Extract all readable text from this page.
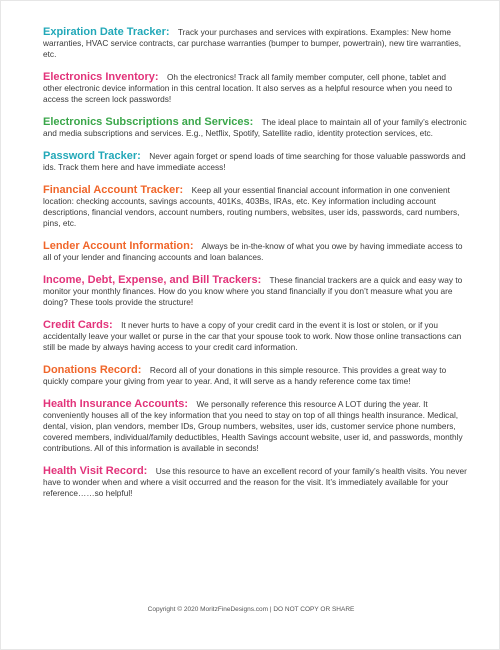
Expiration Date Tracker:   Track your purchases and services with expirations. Examples: New home warranties, HVAC service contracts, car purchase warranties (bumper to bumper, powertrain), new tire warranties, etc.

Electronics Inventory:   Oh the electronics! Track all family member computer, cell phone, tablet and other electronic device information in this central location. It also serves as a helpful resource when you need to access the screen lock passwords!

Electronics Subscriptions and Services:   The ideal place to maintain all of your family’s electronic and media subscriptions and services. E.g., Netflix, Spotify, Satellite radio, identity protection services, etc.

Password Tracker:   Never again forget or spend loads of time searching for those valuable passwords and ids. Track them here and have immediate access!

Financial Account Tracker:   Keep all your essential financial account information in one convenient location: checking accounts, savings accounts, 401Ks, 403Bs, IRAs, etc. Key information including account descriptions, financial vendors, account numbers, routing numbers, websites, user ids, passwords, card numbers, pins, etc.

Lender Account Information:   Always be in-the-know of what you owe by having immediate access to all of your lender and financing accounts and loan balances.

Income, Debt, Expense, and Bill Trackers:   These financial trackers are a quick and easy way to monitor your monthly finances. How do you know where you stand financially if you don’t measure what you are doing? These tools provide the structure!

Credit Cards:   It never hurts to have a copy of your credit card in the event it is lost or stolen, or if you accidentally leave your wallet or purse in the car that your spouse took to work. Now those online transactions can still be made by always having access to your credit card information.

Donations Record:   Record all of your donations in this simple resource. This provides a great way to quickly compare your giving from year to year. And, it will serve as a handy reference come tax time!

Health Insurance Accounts:   We personally reference this resource A LOT during the year. It conveniently houses all of the key information that you need to stay on top of all things health insurance. Medical, dental, vision, plan vendors, member IDs, Group numbers, websites, user ids, customer service phone numbers, covered members, individual/family deductibles, Health Savings account website, user id, and passwords, monthly contributions. All of this information is available in seconds!

Health Visit Record:   Use this resource to have an excellent record of your family’s health visits. You never have to wonder when and where a visit occurred and the reason for the visit. It’s immediately available for your reference……so helpful!

Copyright © 2020 MoritzFineDesigns.com | DO NOT COPY OR SHARE
